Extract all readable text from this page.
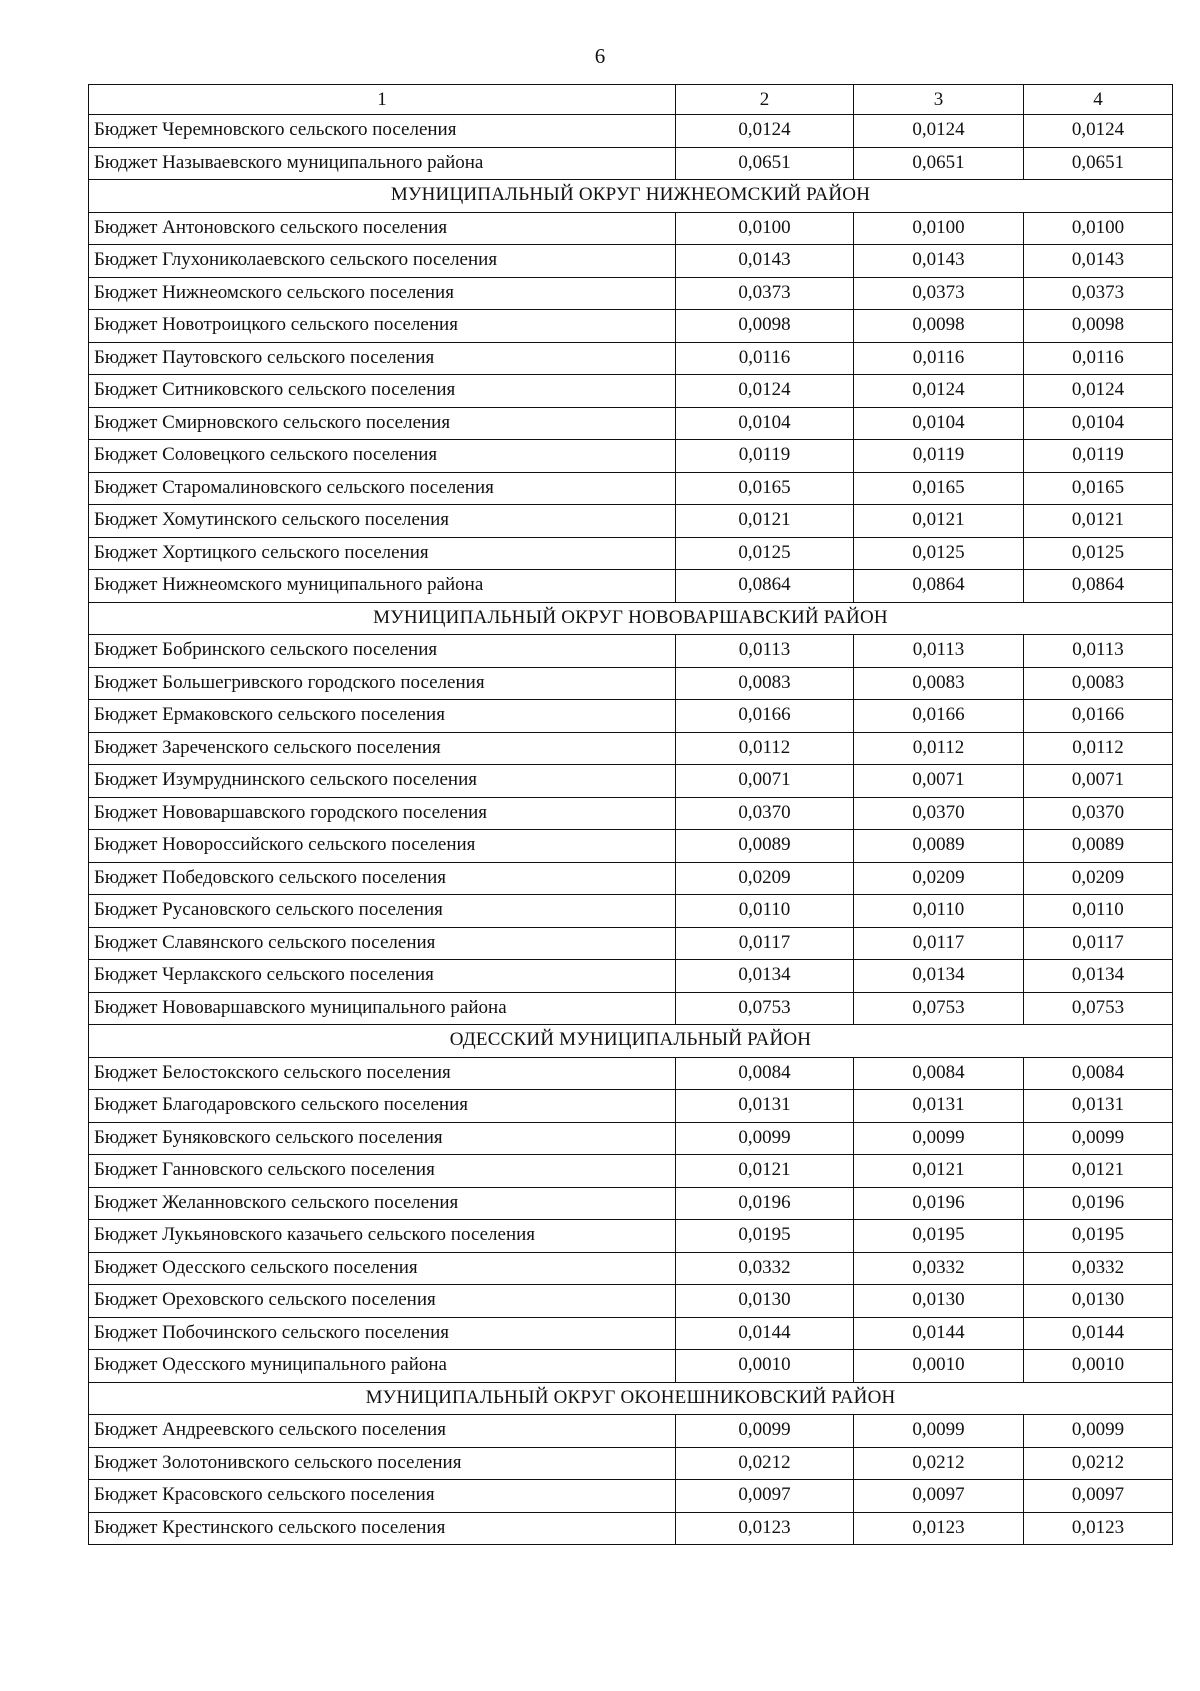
6
1	2	3	4
Бюджет Черемновского сельского поселения	0,0124	0,0124	0,0124
Бюджет Называевского муниципального района	0,0651	0,0651	0,0651
МУНИЦИПАЛЬНЫЙ ОКРУГ НИЖНЕОМСКИЙ РАЙОН			
Бюджет Антоновского сельского поселения	0,0100	0,0100	0,0100
Бюджет Глухониколаевского сельского поселения	0,0143	0,0143	0,0143
Бюджет Нижнеомского сельского поселения	0,0373	0,0373	0,0373
Бюджет Новотроицкого сельского поселения	0,0098	0,0098	0,0098
Бюджет Паутовского сельского поселения	0,0116	0,0116	0,0116
Бюджет Ситниковского сельского поселения	0,0124	0,0124	0,0124
Бюджет Смирновского сельского поселения	0,0104	0,0104	0,0104
Бюджет Соловецкого сельского поселения	0,0119	0,0119	0,0119
Бюджет Старомалиновского сельского поселения	0,0165	0,0165	0,0165
Бюджет Хомутинского сельского поселения	0,0121	0,0121	0,0121
Бюджет Хортицкого сельского поселения	0,0125	0,0125	0,0125
Бюджет Нижнеомского муниципального района	0,0864	0,0864	0,0864
МУНИЦИПАЛЬНЫЙ ОКРУГ НОВОВАРШАВСКИЙ РАЙОН			
Бюджет Бобринского сельского поселения	0,0113	0,0113	0,0113
Бюджет Большегривского городского поселения	0,0083	0,0083	0,0083
Бюджет Ермаковского сельского поселения	0,0166	0,0166	0,0166
Бюджет Зареченского сельского поселения	0,0112	0,0112	0,0112
Бюджет Изумруднинского сельского поселения	0,0071	0,0071	0,0071
Бюджет Нововаршавского городского поселения	0,0370	0,0370	0,0370
Бюджет Новороссийского сельского поселения	0,0089	0,0089	0,0089
Бюджет Победовского сельского поселения	0,0209	0,0209	0,0209
Бюджет Русановского сельского поселения	0,0110	0,0110	0,0110
Бюджет Славянского сельского поселения	0,0117	0,0117	0,0117
Бюджет Черлакского сельского поселения	0,0134	0,0134	0,0134
Бюджет Нововаршавского муниципального района	0,0753	0,0753	0,0753
ОДЕССКИЙ МУНИЦИПАЛЬНЫЙ РАЙОН			
Бюджет Белостокского сельского поселения	0,0084	0,0084	0,0084
Бюджет Благодаровского сельского поселения	0,0131	0,0131	0,0131
Бюджет Буняковского сельского поселения	0,0099	0,0099	0,0099
Бюджет Ганновского сельского поселения	0,0121	0,0121	0,0121
Бюджет Желанновского сельского поселения	0,0196	0,0196	0,0196
Бюджет Лукьяновского казачьего сельского поселения	0,0195	0,0195	0,0195
Бюджет Одесского сельского поселения	0,0332	0,0332	0,0332
Бюджет Ореховского сельского поселения	0,0130	0,0130	0,0130
Бюджет Побочинского сельского поселения	0,0144	0,0144	0,0144
Бюджет Одесского муниципального района	0,0010	0,0010	0,0010
МУНИЦИПАЛЬНЫЙ ОКРУГ ОКОНЕШНИКОВСКИЙ РАЙОН			
Бюджет Андреевского сельского поселения	0,0099	0,0099	0,0099
Бюджет Золотонивского сельского поселения	0,0212	0,0212	0,0212
Бюджет Красовского сельского поселения	0,0097	0,0097	0,0097
Бюджет Крестинского сельского поселения	0,0123	0,0123	0,0123
